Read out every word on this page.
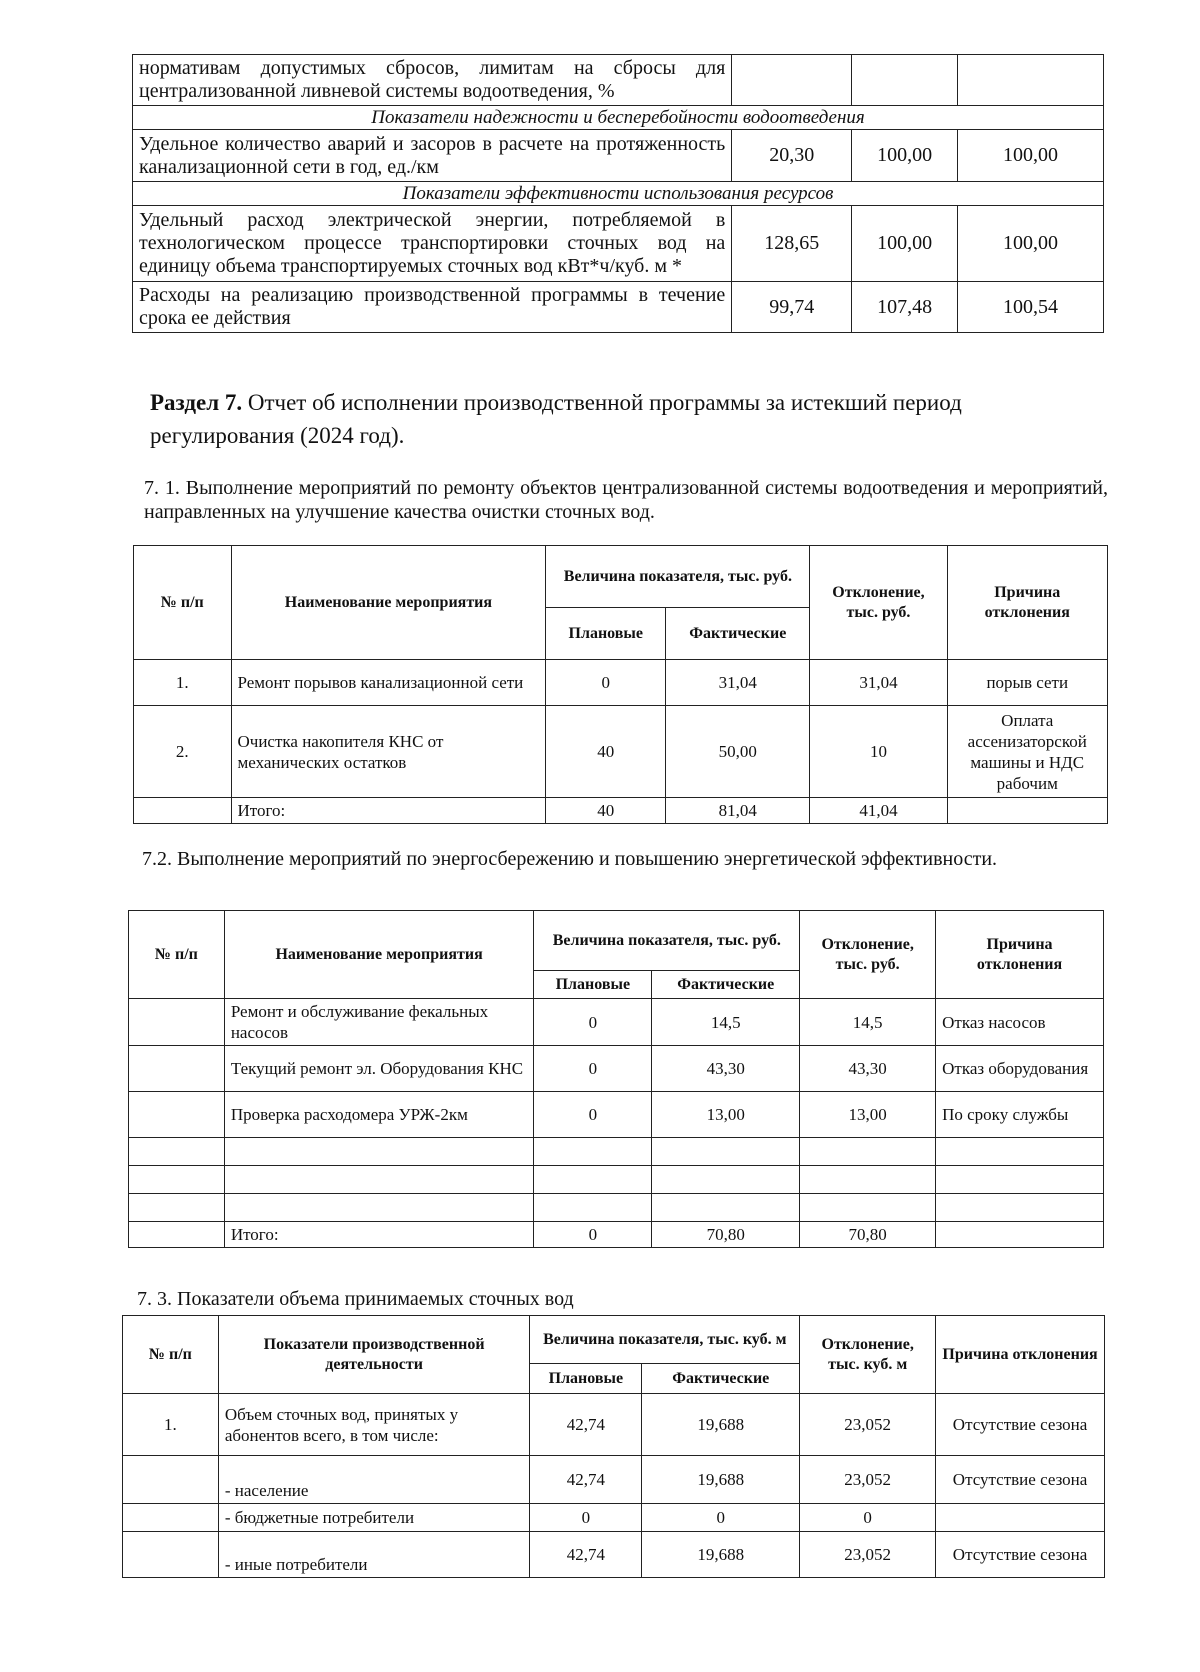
нормативам допустимых сбросов, лимитам на сбросы для централизованной ливневой системы водоотведения, %			
Показатели надежности и бесперебойности водоотведения			
Удельное количество аварий и засоров в расчете на протяженность канализационной сети в год, ед./км	20,30	100,00	100,00
Показатели эффективности использования ресурсов			
Удельный расход электрической энергии, потребляемой в технологическом процессе транспортировки сточных вод на единицу объема транспортируемых сточных вод кВт*ч/куб. м *	128,65	100,00	100,00
Расходы на реализацию производственной программы в течение срока ее действия	99,74	107,48	100,54
Раздел 7. Отчет об исполнении производственной программы за истекший период регулирования (2024 год).
7. 1. Выполнение мероприятий по ремонту объектов централизованной системы водоотведения и мероприятий, направленных на улучшение качества очистки сточных вод.
№ п/п	Наименование мероприятия	Величина показателя, тыс. руб.		Отклонение, тыс. руб.	Причина отклонения
		Плановые	Фактические		
1.	Ремонт порывов канализационной сети	0	31,04	31,04	порыв сети
2.	Очистка накопителя КНС от механических остатков	40	50,00	10	Оплата ассенизаторской машины и НДС рабочим
	Итого:	40	81,04	41,04	
7.2. Выполнение мероприятий по энергосбережению и повышению энергетической эффективности.
№ п/п	Наименование мероприятия	Величина показателя, тыс. руб.		Отклонение, тыс. руб.	Причина отклонения
		Плановые	Фактические		
	Ремонт и обслуживание фекальных насосов	0	14,5	14,5	Отказ насосов
	Текущий ремонт эл. Оборудования КНС	0	43,30	43,30	Отказ оборудования
	Проверка расходомера УРЖ-2км	0	13,00	13,00	По сроку службы

	Итого:	0	70,80	70,80	
7. 3. Показатели объема принимаемых сточных вод
№ п/п	Показатели производственной деятельности	Величина показателя, тыс. куб. м		Отклонение, тыс. куб. м	Причина отклонения
		Плановые	Фактические		
1.	Объем сточных вод, принятых у абонентов всего, в том числе:	42,74	19,688	23,052	Отсутствие сезона
	- население	42,74	19,688	23,052	Отсутствие сезона
	- бюджетные потребители	0	0	0	
	- иные потребители	42,74	19,688	23,052	Отсутствие сезона
